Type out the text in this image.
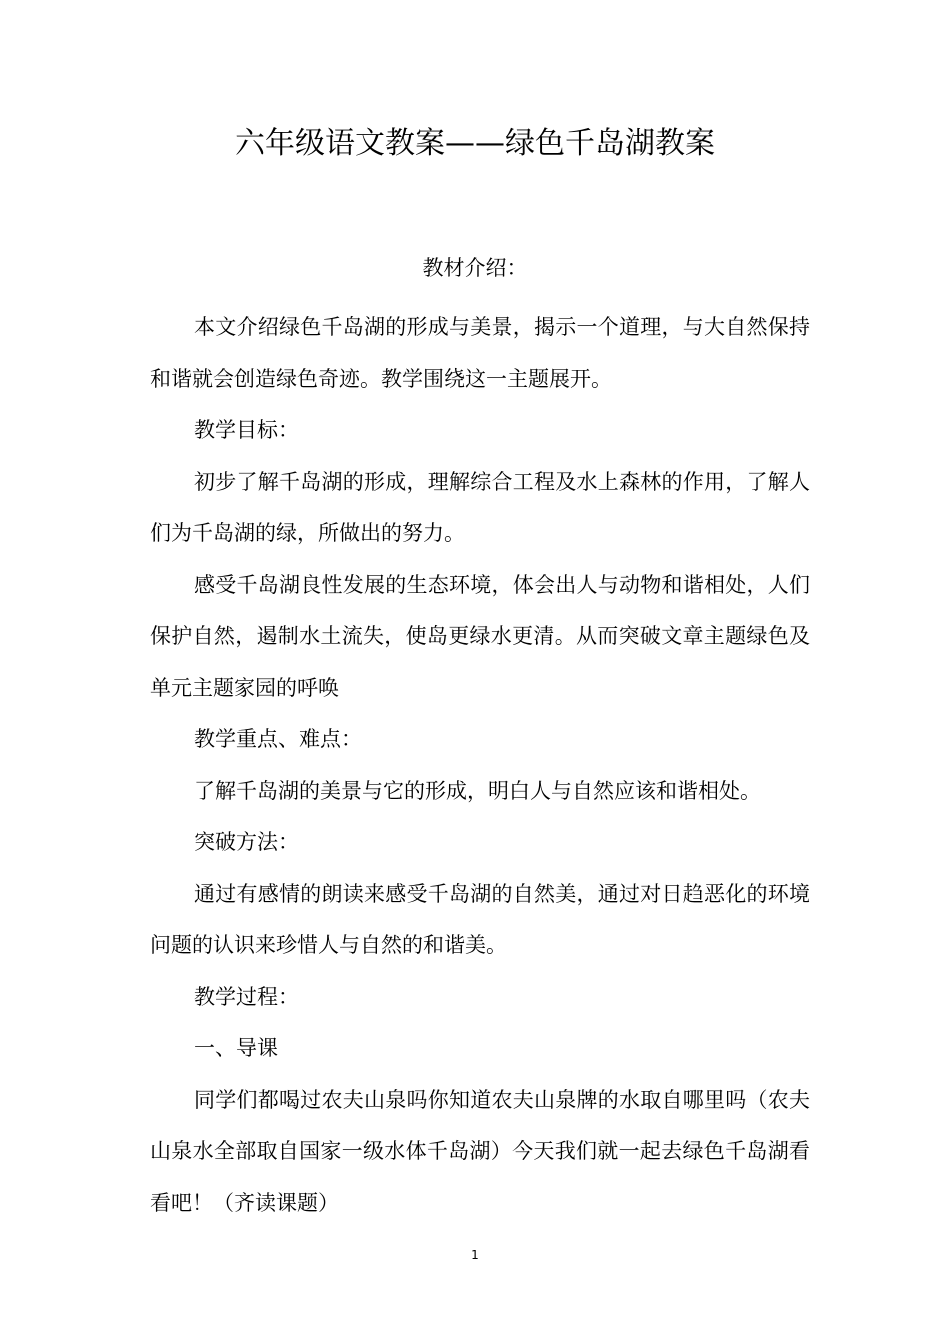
六年级语文教案——绿色千岛湖教案
教材介绍：

本文介绍绿色千岛湖的形成与美景，揭示一个道理，与大自然保持和谐就会创造绿色奇迹。教学围绕这一主题展开。

教学目标：

初步了解千岛湖的形成，理解综合工程及水上森林的作用，了解人们为千岛湖的绿，所做出的努力。

感受千岛湖良性发展的生态环境，体会出人与动物和谐相处，人们保护自然，遏制水土流失，使岛更绿水更清。从而突破文章主题绿色及单元主题家园的呼唤

教学重点、难点：

了解千岛湖的美景与它的形成，明白人与自然应该和谐相处。

突破方法：

通过有感情的朗读来感受千岛湖的自然美，通过对日趋恶化的环境问题的认识来珍惜人与自然的和谐美。

教学过程：

一、导课

同学们都喝过农夫山泉吗你知道农夫山泉牌的水取自哪里吗（农夫山泉水全部取自国家一级水体千岛湖）今天我们就一起去绿色千岛湖看看吧！（齐读课题）

1
